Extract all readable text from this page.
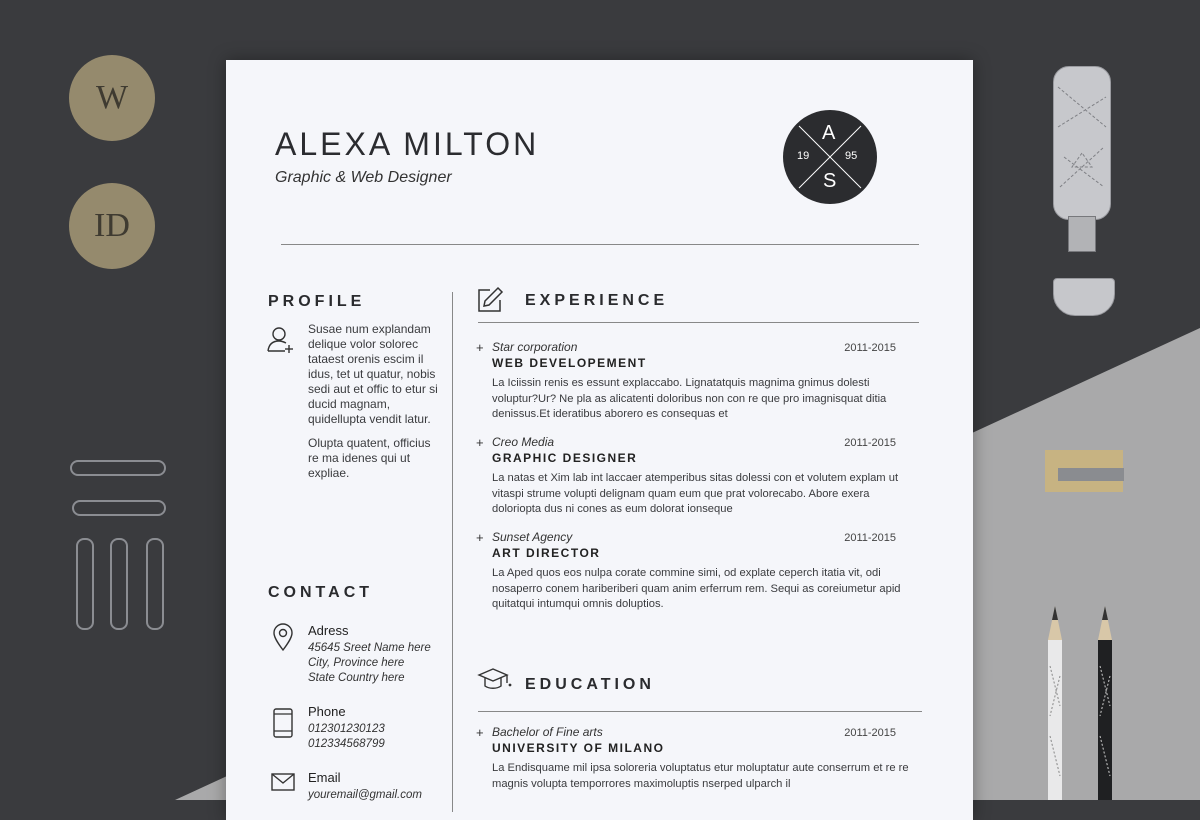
W
ID
ALEXA MILTON
Graphic & Web Designer
A
S
19	95
PROFILE
Susae num explandam delique volor solorec tataest orenis escim il idus, tet ut quatur, nobis sedi aut et offic to etur si ducid magnam, quidellupta vendit latur.
Olupta quatent, officius re ma idenes qui ut expliae.
CONTACT
Adress
45645 Sreet Name here
City, Province here
State Country here
Phone
012301230123
012334568799
Email
youremail@gmail.com
EXPERIENCE
+ Star corporation	2011-2015
WEB DEVELOPEMENT
La Iciissin renis es essunt explaccabo. Lignatatquis magnima gnimus dolesti voluptur?Ur? Ne pla as alicatenti doloribus non con re que pro imagnisquat ditia denissus.Et ideratibus aborero es consequas et
+ Creo Media	2011-2015
GRAPHIC DESIGNER
La natas et Xim lab int laccaer atemperibus sitas dolessi con et volutem explam ut vitaspi strume volupti delignam quam eum que prat volorecabo. Abore exera doloriopta dus ni cones as eum dolorat ionseque
+ Sunset Agency	2011-2015
ART DIRECTOR
La Aped quos eos nulpa corate commine simi, od explate ceperch itatia vit, odi nosaperro conem hariberiberi quam anim erferrum rem. Sequi as coreiumetur apid quitatqui intumqui omnis doluptios.
EDUCATION
+ Bachelor of Fine arts	2011-2015
UNIVERSITY OF MILANO
La Endisquame mil ipsa soloreria voluptatus etur moluptatur aute conserrum et re re magnis volupta temporrores maximoluptis nserped ulparch il
